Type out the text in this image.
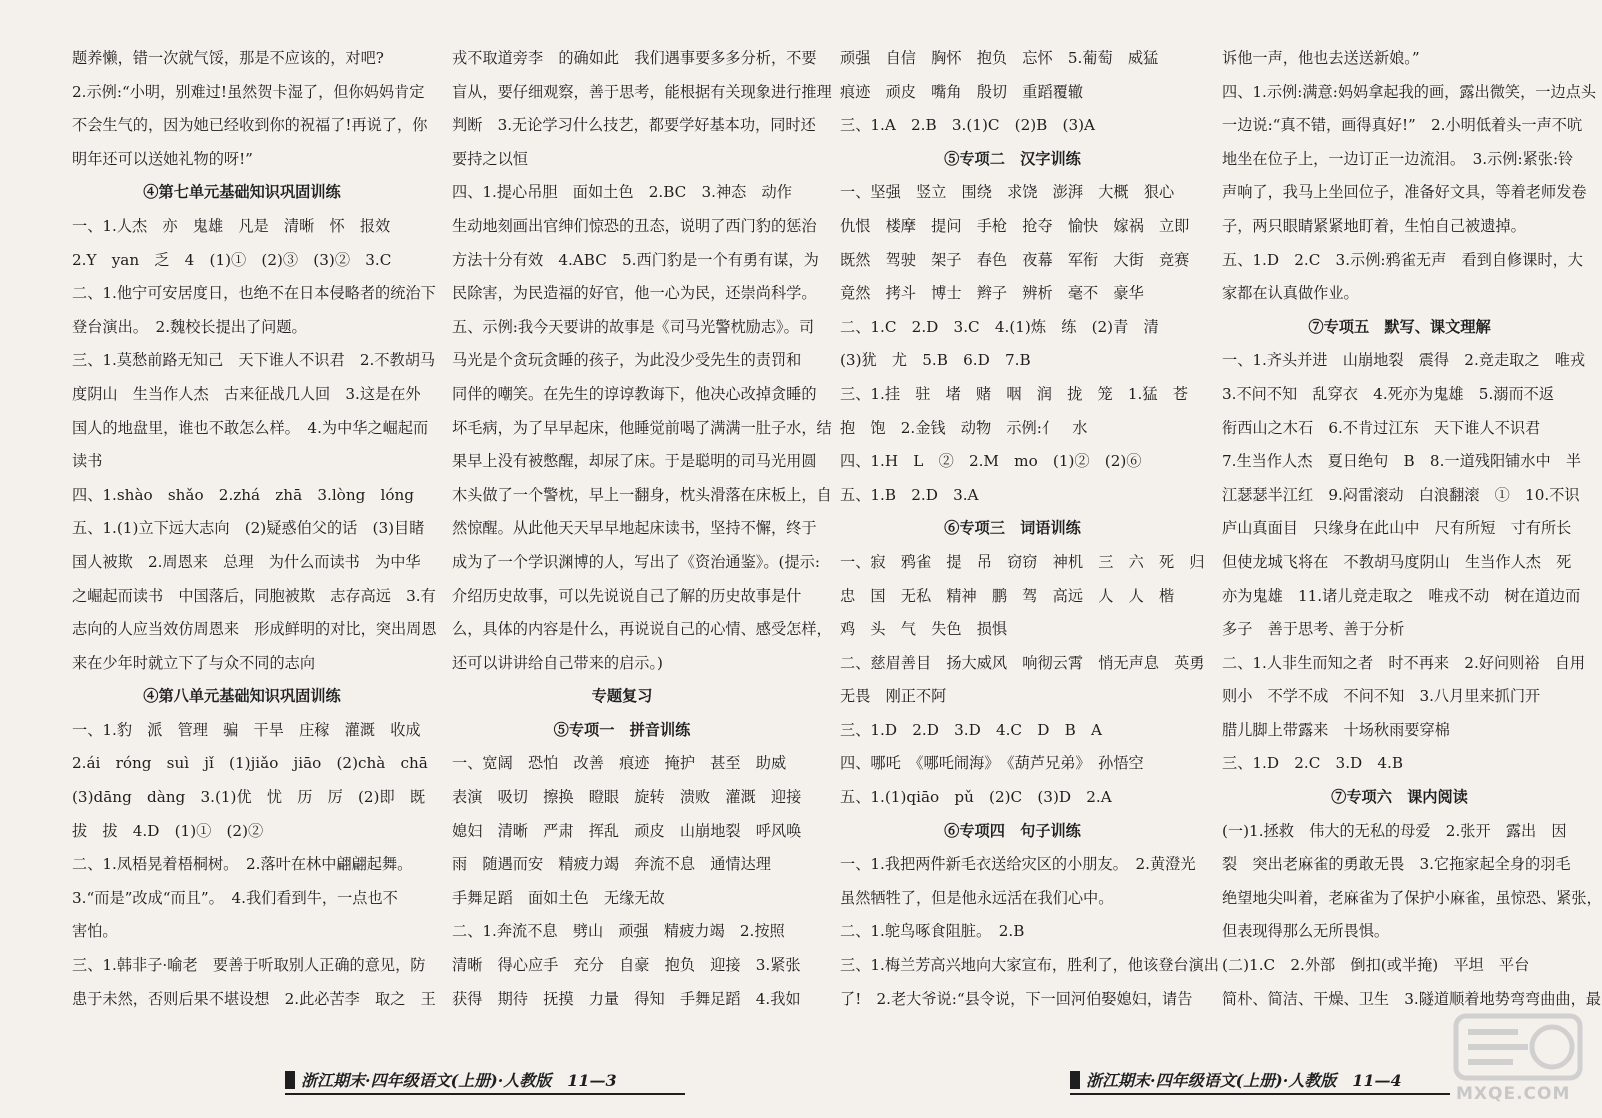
题养懒，错一次就气馁，那是不应该的，对吧?
2.示例:“小明，别难过!虽然贺卡湿了，但你妈妈肯定
不会生气的，因为她已经收到你的祝福了!再说了，你
明年还可以送她礼物的呀!”
④第七单元基础知识巩固训练
一、1.人杰　亦　鬼雄　凡是　清晰　怀　报效
2.Y　yan　乏　4　(1)①　(2)③　(3)②　3.C
二、1.他宁可安居度日，也绝不在日本侵略者的统治下
登台演出。　2.魏校长提出了问题。
三、1.莫愁前路无知己　天下谁人不识君　2.不教胡马
度阴山　生当作人杰　古来征战几人回　3.这是在外
国人的地盘里，谁也不敢怎么样。　4.为中华之崛起而
读书
四、1.shào　shǎo　2.zhá　zhā　3.lòng　lóng
五、1.(1)立下远大志向　(2)疑惑伯父的话　(3)目睹
国人被欺　2.周恩来　总理　为什么而读书　为中华
之崛起而读书　中国落后，同胞被欺　志存高远　3.有
志向的人应当效仿周恩来　形成鲜明的对比，突出周恩
来在少年时就立下了与众不同的志向
④第八单元基础知识巩固训练
一、1.豹　派　管理　骗　干旱　庄稼　灌溉　收成
2.ái　róng　suì　jǐ　(1)jiǎo　jiāo　(2)chà　chā
(3)dāng　dàng　3.(1)优　忧　历　厉　(2)即　既
拔　拔　4.D　(1)①　(2)②
二、1.凤梧晃着梧桐树。　2.落叶在林中翩翩起舞。
3.“而是”改成“而且”。　4.我们看到牛，一点也不
害怕。
三、1.韩非子·喻老　要善于听取别人正确的意见，防
患于未然，否则后果不堪设想　2.此必苦李　取之　王
戎不取道旁李　的确如此　我们遇事要多多分析，不要
盲从，要仔细观察，善于思考，能根据有关现象进行推理
判断　3.无论学习什么技艺，都要学好基本功，同时还
要持之以恒
四、1.提心吊胆　面如土色　2.BC　3.神态　动作
生动地刻画出官绅们惊恐的丑态，说明了西门豹的惩治
方法十分有效　4.ABC　5.西门豹是一个有勇有谋，为
民除害，为民造福的好官，他一心为民，还崇尚科学。
五、示例:我今天要讲的故事是《司马光警枕励志》。司
马光是个贪玩贪睡的孩子，为此没少受先生的责罚和
同伴的嘲笑。在先生的谆谆教诲下，他决心改掉贪睡的
坏毛病，为了早早起床，他睡觉前喝了满满一肚子水，结
果早上没有被憋醒，却尿了床。于是聪明的司马光用圆
木头做了一个警枕，早上一翻身，枕头滑落在床板上，自
然惊醒。从此他天天早早地起床读书，坚持不懈，终于
成为了一个学识渊博的人，写出了《资治通鉴》。(提示:
介绍历史故事，可以先说说自己了解的历史故事是什
么，具体的内容是什么，再说说自己的心情、感受怎样，
还可以讲讲给自己带来的启示。)
专题复习
⑤专项一　拼音训练
一、宽阔　恐怕　改善　痕迹　掩护　甚至　助威
表演　吸切　擦换　瞪眼　旋转　溃败　灌溉　迎接
媳妇　清晰　严肃　挥乱　顽皮　山崩地裂　呼风唤
雨　随遇而安　精疲力竭　奔流不息　通情达理
手舞足蹈　面如土色　无缘无故
二、1.奔流不息　劈山　顽强　精疲力竭　2.按照
清晰　得心应手　充分　自豪　抱负　迎接　3.紧张
获得　期待　抚摸　力量　得知　手舞足蹈　4.我如
顽强　自信　胸怀　抱负　忘怀　5.葡萄　威猛
痕迹　顽皮　嘴角　殷切　重蹈覆辙
三、1.A　2.B　3.(1)C　(2)B　(3)A
⑤专项二　汉字训练
一、坚强　竖立　围绕　求饶　澎湃　大概　狠心
仇恨　楼摩　提问　手枪　抢夺　愉快　嫁祸　立即
既然　驾驶　架子　春色　夜幕　军衔　大街　竞赛
竟然　拷斗　博士　辫子　辨析　毫不　豪华
二、1.C　2.D　3.C　4.(1)炼　练　(2)青　清
(3)犹　尤　5.B　6.D　7.B
三、1.挂　驻　堵　赌　咽　润　拢　笼　1.猛　苍
抱　饱　2.金钱　动物　示例:亻　水
四、1.H　L　②　2.M　mo　(1)②　(2)⑥
五、1.B　2.D　3.A
⑥专项三　词语训练
一、寂　鸦雀　提　吊　窃窃　神机　三　六　死　归
忠　国　无私　精神　鹏　驾　高远　人　人　楷
鸡　头　气　失色　损惧
二、慈眉善目　扬大威风　响彻云霄　悄无声息　英勇
无畏　刚正不阿
三、1.D　2.D　3.D　4.C　D　B　A
四、哪吒　《哪吒闹海》　《葫芦兄弟》　孙悟空
五、1.(1)qiāo　pǔ　(2)C　(3)D　2.A
⑥专项四　句子训练
一、1.我把两件新毛衣送给灾区的小朋友。　2.黄澄光
虽然牺牲了，但是他永远活在我们心中。
二、1.鸵鸟啄食阻脏。　2.B
三、1.梅兰芳高兴地向大家宣布，胜利了，他该登台演出
了!　2.老大爷说:“县令说，下一回河伯娶媳妇，请告
诉他一声，他也去送送新娘。”
四、1.示例:满意:妈妈拿起我的画，露出微笑，一边点头
一边说:“真不错，画得真好!”　2.小明低着头一声不吭
地坐在位子上，一边订正一边流泪。　3.示例:紧张:铃
声响了，我马上坐回位子，准备好文具，等着老师发卷
子，两只眼睛紧紧地盯着，生怕自己被遗掉。
五、1.D　2.C　3.示例:鸦雀无声　看到自修课时，大
家都在认真做作业。
⑦专项五　默写、课文理解
一、1.齐头并进　山崩地裂　震得　2.竞走取之　唯戎
3.不问不知　乱穿衣　4.死亦为鬼雄　5.溺而不返
衔西山之木石　6.不肯过江东　天下谁人不识君
7.生当作人杰　夏日绝句　B　8.一道残阳铺水中　半
江瑟瑟半江红　9.闷雷滚动　白浪翻滚　①　10.不识
庐山真面目　只缘身在此山中　尺有所短　寸有所长
但使龙城飞将在　不教胡马度阴山　生当作人杰　死
亦为鬼雄　11.诸儿竞走取之　唯戎不动　树在道边而
多子　善于思考、善于分析
二、1.人非生而知之者　时不再来　2.好问则裕　自用
则小　不学不成　不问不知　3.八月里来抓门开
腊儿脚上带露来　十场秋雨要穿棉
三、1.D　2.C　3.D　4.B
⑦专项六　课内阅读
(一)1.拯救　伟大的无私的母爱　2.张开　露出　因
裂　突出老麻雀的勇敢无畏　3.它拖家起全身的羽毛
绝望地尖叫着，老麻雀为了保护小麻雀，虽惊恐、紧张，
但表现得那么无所畏惧。
(二)1.C　2.外部　倒扣(或半掩)　平坦　平台
简朴、简洁、干燥、卫生　3.隧道顺着地势弯弯曲曲，最
浙江期末·四年级语文(上册)·人教版　11—3	浙江期末·四年级语文(上册)·人教版　11—4
MXQE.COM
